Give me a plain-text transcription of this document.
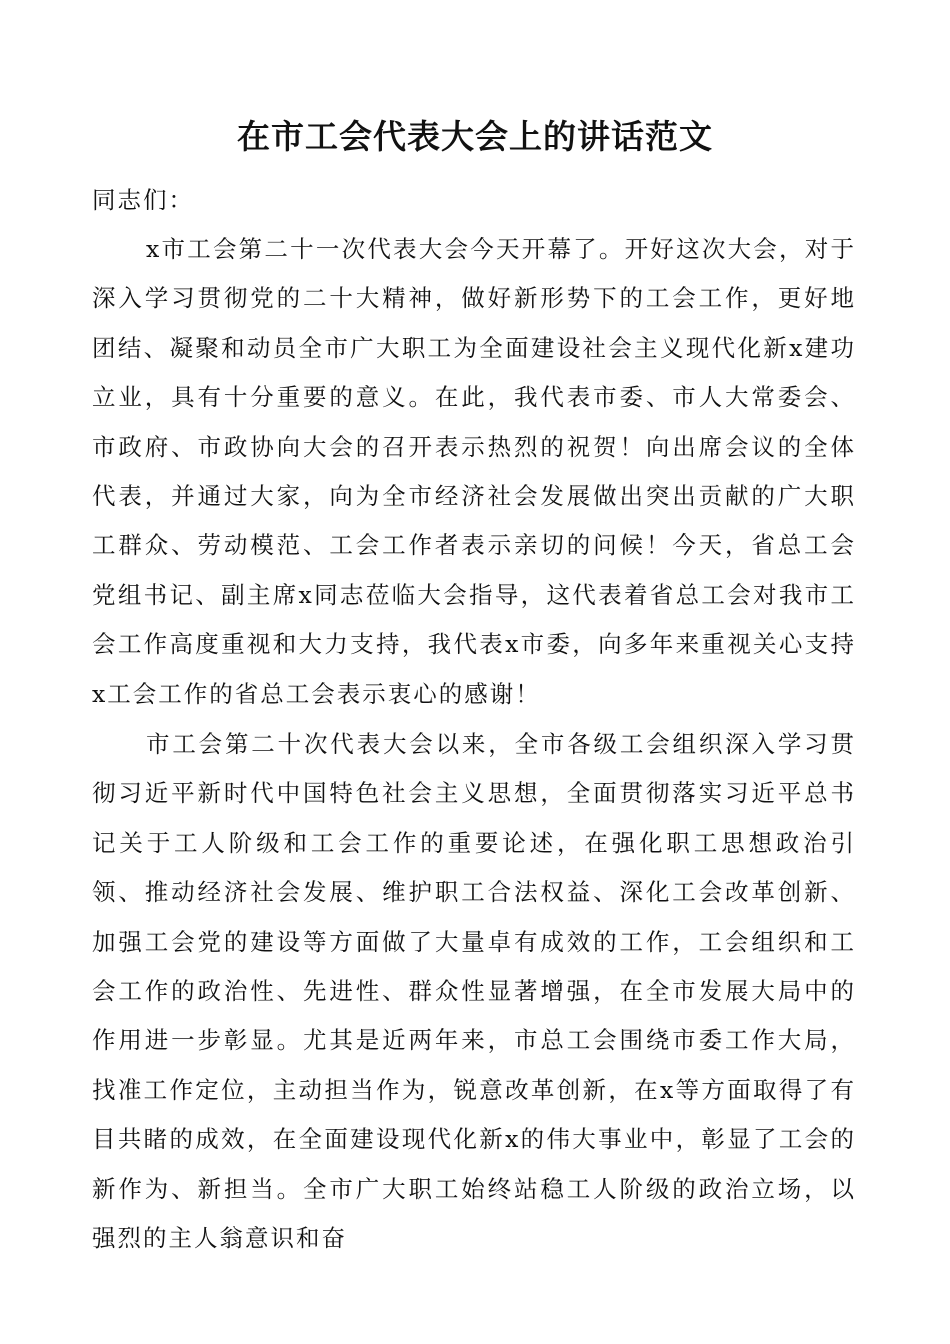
在市工会代表大会上的讲话范文

同志们：

x市工会第二十一次代表大会今天开幕了。开好这次大会，对于深入学习贯彻党的二十大精神，做好新形势下的工会工作，更好地团结、凝聚和动员全市广大职工为全面建设社会主义现代化新x建功立业，具有十分重要的意义。在此，我代表市委、市人大常委会、市政府、市政协向大会的召开表示热烈的祝贺！向出席会议的全体代表，并通过大家，向为全市经济社会发展做出突出贡献的广大职工群众、劳动模范、工会工作者表示亲切的问候！今天，省总工会党组书记、副主席x同志莅临大会指导，这代表着省总工会对我市工会工作高度重视和大力支持，我代表x市委，向多年来重视关心支持x工会工作的省总工会表示衷心的感谢！

市工会第二十次代表大会以来，全市各级工会组织深入学习贯彻习近平新时代中国特色社会主义思想，全面贯彻落实习近平总书记关于工人阶级和工会工作的重要论述，在强化职工思想政治引领、推动经济社会发展、维护职工合法权益、深化工会改革创新、加强工会党的建设等方面做了大量卓有成效的工作，工会组织和工会工作的政治性、先进性、群众性显著增强，在全市发展大局中的作用进一步彰显。尤其是近两年来，市总工会围绕市委工作大局，找准工作定位，主动担当作为，锐意改革创新，在x等方面取得了有目共睹的成效，在全面建设现代化新x的伟大事业中，彰显了工会的新作为、新担当。全市广大职工始终站稳工人阶级的政治立场，以强烈的主人翁意识和奋
